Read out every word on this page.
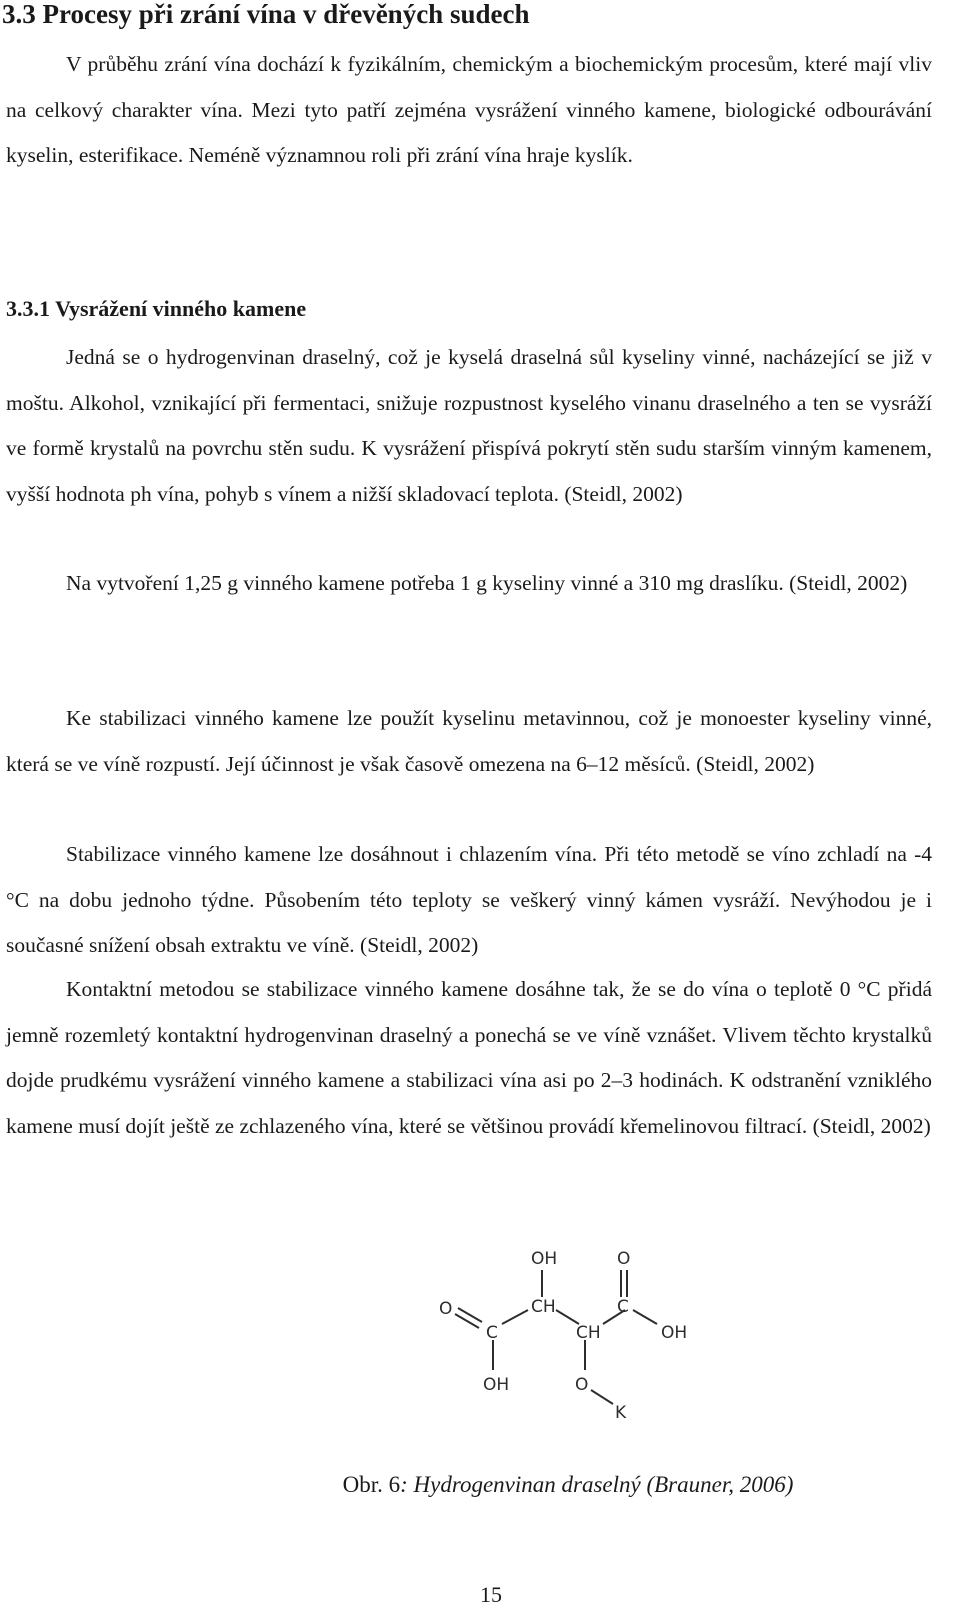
3.3 Procesy při zrání vína v dřevěných sudech

V průběhu zrání vína dochází k fyzikálním, chemickým a biochemickým procesům, které mají vliv na celkový charakter vína. Mezi tyto patří zejména vysrážení vinného kamene, biologické odbourávání kyselin, esterifikace. Neméně významnou roli při zrání vína hraje kyslík.

3.3.1 Vysrážení vinného kamene

Jedná se o hydrogenvinan draselný, což je kyselá draselná sůl kyseliny vinné, nacházející se již v moštu. Alkohol, vznikající při fermentaci, snižuje rozpustnost kyselého vinanu draselného a ten se vysráží ve formě krystalů na povrchu stěn sudu. K vysrážení přispívá pokrytí stěn sudu starším vinným kamenem, vyšší hodnota ph vína, pohyb s vínem a nižší skladovací teplota. (Steidl, 2002)

Na vytvoření 1,25 g vinného kamene potřeba 1 g kyseliny vinné a 310 mg draslíku. (Steidl, 2002)

Ke stabilizaci vinného kamene lze použít kyselinu metavinnou, což je monoester kyseliny vinné, která se ve víně rozpustí. Její účinnost je však časově omezena na 6–12 měsíců. (Steidl, 2002)

Stabilizace vinného kamene lze dosáhnout i chlazením vína. Při této metodě se víno zchladí na -4 °C na dobu jednoho týdne. Působením této teploty se veškerý vinný kámen vysráží. Nevýhodou je i současné snížení obsah extraktu ve víně. (Steidl, 2002)

Kontaktní metodou se stabilizace vinného kamene dosáhne tak, že se do vína o teplotě 0 °C přidá jemně rozemletý kontaktní hydrogenvinan draselný a ponechá se ve víně vznášet. Vlivem těchto krystalků dojde prudkému vysrážení vinného kamene a stabilizaci vína asi po 2–3 hodinách. K odstranění vzniklého kamene musí dojít ještě ze zchlazeného vína, které se většinou provádí křemelinovou filtrací. (Steidl, 2002)

OH	O
O
C
CH
CH
C
OH
OH	O
K
Obr. 6: Hydrogenvinan draselný (Brauner, 2006)
15
